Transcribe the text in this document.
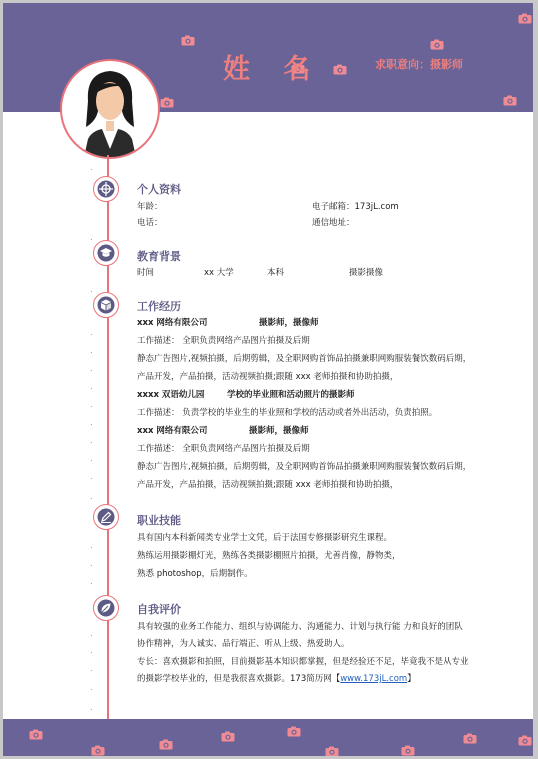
姓 名	求职意向：摄影师
.
.
.
.
.
.
.
.
.
.
.
.
.
.
.
.
.
.
.
.
.
个人资料
年龄：	电子邮箱：173jL.com
电话：	通信地址：
教育背景
时间	xx 大学	本科	摄影摄像
工作经历
xxx 网络有限公司	摄影师，摄像师
工作描述： 全职负责网络产品图片拍摄及后期
静态广告图片,视频拍摄，后期剪辑，及全职网购首饰品拍摄兼职网购服装餐饮数码后期，
产品开发，产品拍摄，活动视频拍摄;跟随 xxx 老师拍摄和协助拍摄，
xxxx 双语幼儿园	学校的毕业照和活动照片的摄影师
工作描述： 负责学校的毕业生的毕业照和学校的活动或者外出活动，负责拍照。
xxx 网络有限公司	摄影师，摄像师
工作描述： 全职负责网络产品图片拍摄及后期
静态广告图片,视频拍摄，后期剪辑，及全职网购首饰品拍摄兼职网购服装餐饮数码后期，
产品开发，产品拍摄，活动视频拍摄;跟随 xxx 老师拍摄和协助拍摄，
职业技能
具有国内本科新闻类专业学士文凭，后于法国专修摄影研究生课程。
熟练运用摄影棚灯光，熟练各类摄影棚照片拍摄，尤善肖像，静物类，
熟悉 photoshop，后期制作。
自我评价
具有较强的业务工作能力、组织与协调能力、沟通能力、计划与执行能 力和良好的团队
协作精神，为人诚实、品行端正、听从上级、热爱助人。
专长：喜欢摄影和拍照，目前摄影基本知识都掌握，但是经验还不足，毕竟我不是从专业
的摄影学校毕业的，但是我很喜欢摄影。173简历网【www.173jL.com】
